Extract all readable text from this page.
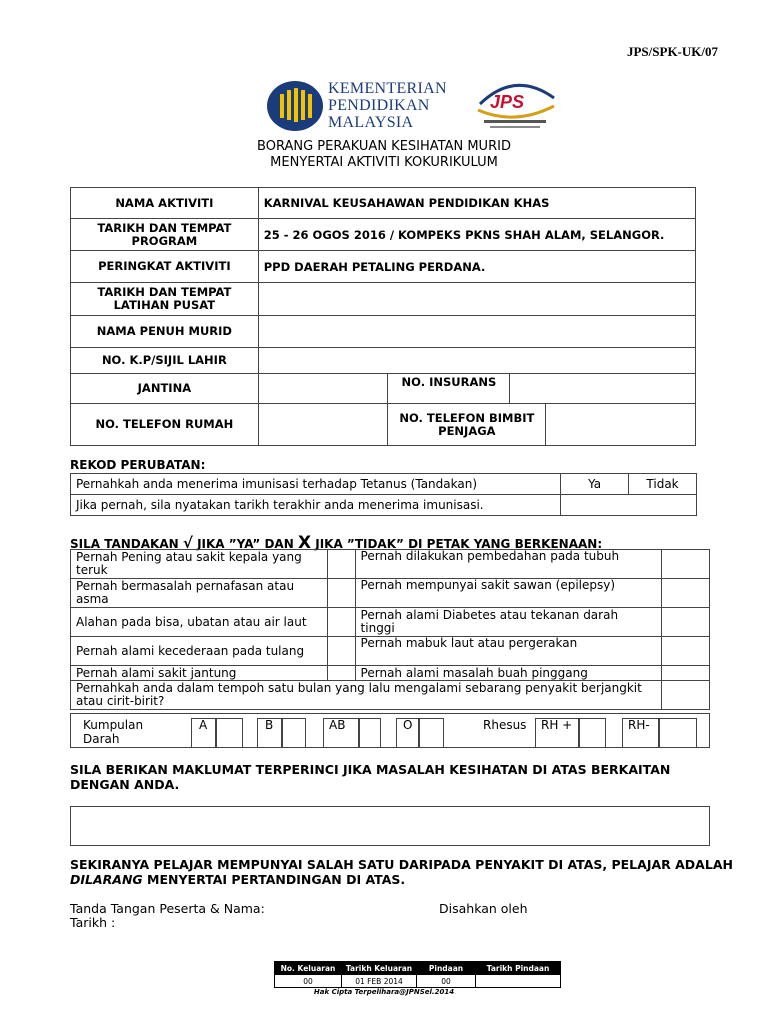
JPS/SPK-UK/07
KEMENTERIAN
PENDIDIKAN
MALAYSIA
JPS
BORANG PERAKUAN KESIHATAN MURID
MENYERTAI AKTIVITI KOKURIKULUM
NAMA AKTIVITI	KARNIVAL KEUSAHAWAN PENDIDIKAN KHAS			
TARIKH DAN TEMPAT PROGRAM	25 - 26 OGOS 2016 / KOMPEKS PKNS SHAH ALAM, SELANGOR.			
PERINGKAT AKTIVITI	PPD DAERAH PETALING PERDANA.			
TARIKH DAN TEMPAT LATIHAN PUSAT				
NAMA PENUH MURID				
NO. K.P/SIJIL LAHIR				
JANTINA		NO. INSURANS		
NO. TELEFON RUMAH		NO. TELEFON BIMBIT PENJAGA		
REKOD PERUBATAN:
Pernahkah anda menerima imunisasi terhadap Tetanus (Tandakan)	Ya	Tidak
Jika pernah, sila nyatakan tarikh terakhir anda menerima imunisasi.		
SILA TANDAKAN √ JIKA ”YA” DAN X JIKA ”TIDAK” DI PETAK YANG BERKENAAN:
Pernah Pening atau sakit kepala yang teruk		Pernah dilakukan pembedahan pada tubuh	
Pernah bermasalah pernafasan atau asma		Pernah mempunyai sakit sawan (epilepsy)	
Alahan pada bisa, ubatan atau air laut		Pernah alami Diabetes atau tekanan darah tinggi	
Pernah alami kecederaan pada tulang		Pernah mabuk laut atau pergerakan	
Pernah alami sakit jantung		Pernah alami masalah buah pinggang	
Pernahkah anda dalam tempoh satu bulan yang lalu mengalami sebarang penyakit berjangkit atau cirit-birit?			
Kumpulan Darah
A	B	AB	O	Rhesus	RH +	RH-
SILA BERIKAN MAKLUMAT TERPERINCI JIKA MASALAH KESIHATAN DI ATAS BERKAITAN DENGAN ANDA.
SEKIRANYA PELAJAR MEMPUNYAI SALAH SATU DARIPADA PENYAKIT DI ATAS, PELAJAR ADALAH DILARANG MENYERTAI PERTANDINGAN DI ATAS.
Tanda Tangan Peserta & Nama:
Tarikh :
Disahkan oleh
No. Keluaran	Tarikh Keluaran	Pindaan	Tarikh Pindaan
00	01 FEB 2014	00	
Hak Cipta Terpelihara@JPNSel.2014
